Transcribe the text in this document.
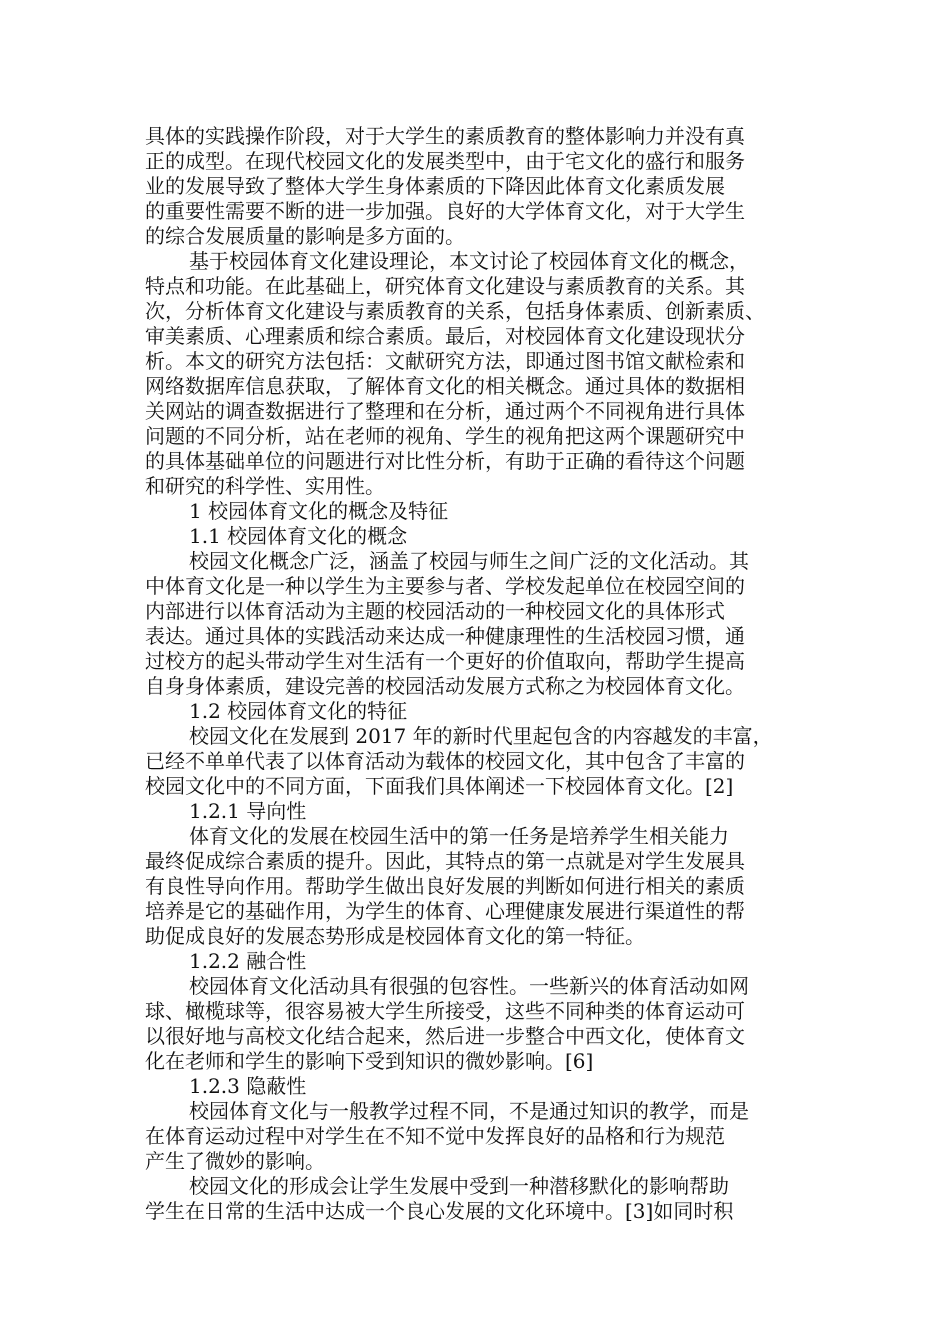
具体的实践操作阶段，对于大学生的素质教育的整体影响力并没有真
正的成型。在现代校园文化的发展类型中，由于宅文化的盛行和服务
业的发展导致了整体大学生身体素质的下降因此体育文化素质发展
的重要性需要不断的进一步加强。良好的大学体育文化，对于大学生
的综合发展质量的影响是多方面的。
基于校园体育文化建设理论，本文讨论了校园体育文化的概念，
特点和功能。在此基础上，研究体育文化建设与素质教育的关系。其
次，分析体育文化建设与素质教育的关系，包括身体素质、创新素质、
审美素质、心理素质和综合素质。最后，对校园体育文化建设现状分
析。本文的研究方法包括：文献研究方法，即通过图书馆文献检索和
网络数据库信息获取，了解体育文化的相关概念。通过具体的数据相
关网站的调查数据进行了整理和在分析，通过两个不同视角进行具体
问题的不同分析，站在老师的视角、学生的视角把这两个课题研究中
的具体基础单位的问题进行对比性分析，有助于正确的看待这个问题
和研究的科学性、实用性。
1 校园体育文化的概念及特征
1.1 校园体育文化的概念
校园文化概念广泛，涵盖了校园与师生之间广泛的文化活动。其
中体育文化是一种以学生为主要参与者、学校发起单位在校园空间的
内部进行以体育活动为主题的校园活动的一种校园文化的具体形式
表达。通过具体的实践活动来达成一种健康理性的生活校园习惯，通
过校方的起头带动学生对生活有一个更好的价值取向，帮助学生提高
自身身体素质，建设完善的校园活动发展方式称之为校园体育文化。
1.2 校园体育文化的特征
校园文化在发展到 2017 年的新时代里起包含的内容越发的丰富，
已经不单单代表了以体育活动为载体的校园文化，其中包含了丰富的
校园文化中的不同方面，下面我们具体阐述一下校园体育文化。[2]
1.2.1 导向性
体育文化的发展在校园生活中的第一任务是培养学生相关能力
最终促成综合素质的提升。因此，其特点的第一点就是对学生发展具
有良性导向作用。帮助学生做出良好发展的判断如何进行相关的素质
培养是它的基础作用，为学生的体育、心理健康发展进行渠道性的帮
助促成良好的发展态势形成是校园体育文化的第一特征。
1.2.2 融合性
校园体育文化活动具有很强的包容性。一些新兴的体育活动如网
球、橄榄球等，很容易被大学生所接受，这些不同种类的体育运动可
以很好地与高校文化结合起来，然后进一步整合中西文化，使体育文
化在老师和学生的影响下受到知识的微妙影响。[6]
1.2.3 隐蔽性
校园体育文化与一般教学过程不同，不是通过知识的教学，而是
在体育运动过程中对学生在不知不觉中发挥良好的品格和行为规范
产生了微妙的影响。
校园文化的形成会让学生发展中受到一种潜移默化的影响帮助
学生在日常的生活中达成一个良心发展的文化环境中。[3]如同时积
